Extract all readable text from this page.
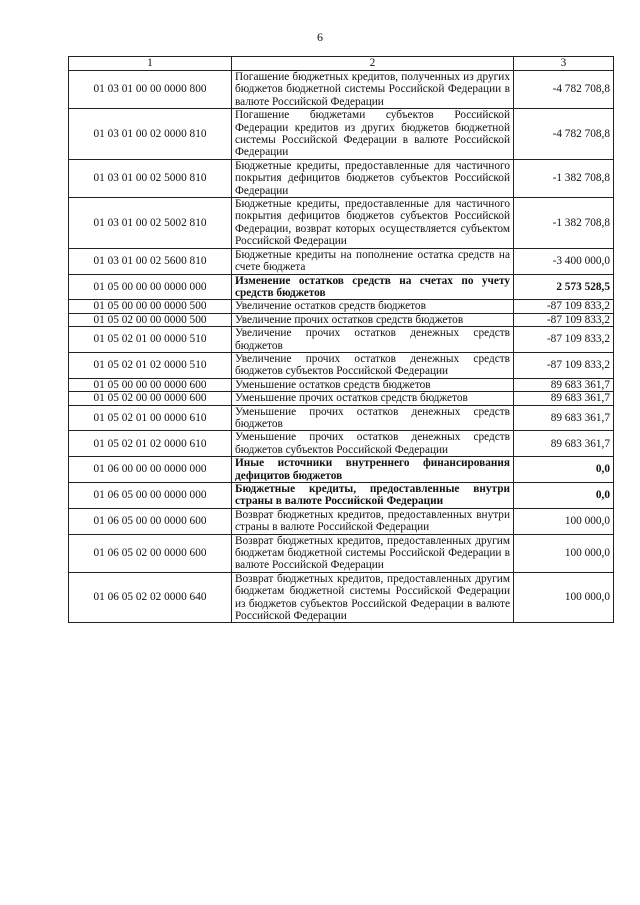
6
1	2	3
01 03 01 00 00 0000 800	Погашение бюджетных кредитов, полученных из других бюджетов бюджетной системы Российской Федерации в валюте Российской Федерации	-4 782 708,8
01 03 01 00 02 0000 810	Погашение бюджетами субъектов Российской Федерации кредитов из других бюджетов бюджетной системы Российской Федерации в валюте Российской Федерации	-4 782 708,8
01 03 01 00 02 5000 810	Бюджетные кредиты, предоставленные для частичного покрытия дефицитов бюджетов субъектов Российской Федерации	-1 382 708,8
01 03 01 00 02 5002 810	Бюджетные кредиты, предоставленные для частичного покрытия дефицитов бюджетов субъектов Российской Федерации, возврат которых осуществляется субъектом Российской Федерации	-1 382 708,8
01 03 01 00 02 5600 810	Бюджетные кредиты на пополнение остатка средств на счете бюджета	-3 400 000,0
01 05 00 00 00 0000 000	Изменение остатков средств на счетах по учету средств бюджетов	2 573 528,5
01 05 00 00 00 0000 500	Увеличение остатков средств бюджетов	-87 109 833,2
01 05 02 00 00 0000 500	Увеличение прочих остатков средств бюджетов	-87 109 833,2
01 05 02 01 00 0000 510	Увеличение прочих остатков денежных средств бюджетов	-87 109 833,2
01 05 02 01 02 0000 510	Увеличение прочих остатков денежных средств бюджетов субъектов Российской Федерации	-87 109 833,2
01 05 00 00 00 0000 600	Уменьшение остатков средств бюджетов	89 683 361,7
01 05 02 00 00 0000 600	Уменьшение прочих остатков средств бюджетов	89 683 361,7
01 05 02 01 00 0000 610	Уменьшение прочих остатков денежных средств бюджетов	89 683 361,7
01 05 02 01 02 0000 610	Уменьшение прочих остатков денежных средств бюджетов субъектов Российской Федерации	89 683 361,7
01 06 00 00 00 0000 000	Иные источники внутреннего финансирования дефицитов бюджетов	0,0
01 06 05 00 00 0000 000	Бюджетные кредиты, предоставленные внутри страны в валюте Российской Федерации	0,0
01 06 05 00 00 0000 600	Возврат бюджетных кредитов, предоставленных внутри страны в валюте Российской Федерации	100 000,0
01 06 05 02 00 0000 600	Возврат бюджетных кредитов, предоставленных другим бюджетам бюджетной системы Российской Федерации в валюте Российской Федерации	100 000,0
01 06 05 02 02 0000 640	Возврат бюджетных кредитов, предоставленных другим бюджетам бюджетной системы Российской Федерации из бюджетов субъектов Российской Федерации в валюте Российской Федерации	100 000,0
